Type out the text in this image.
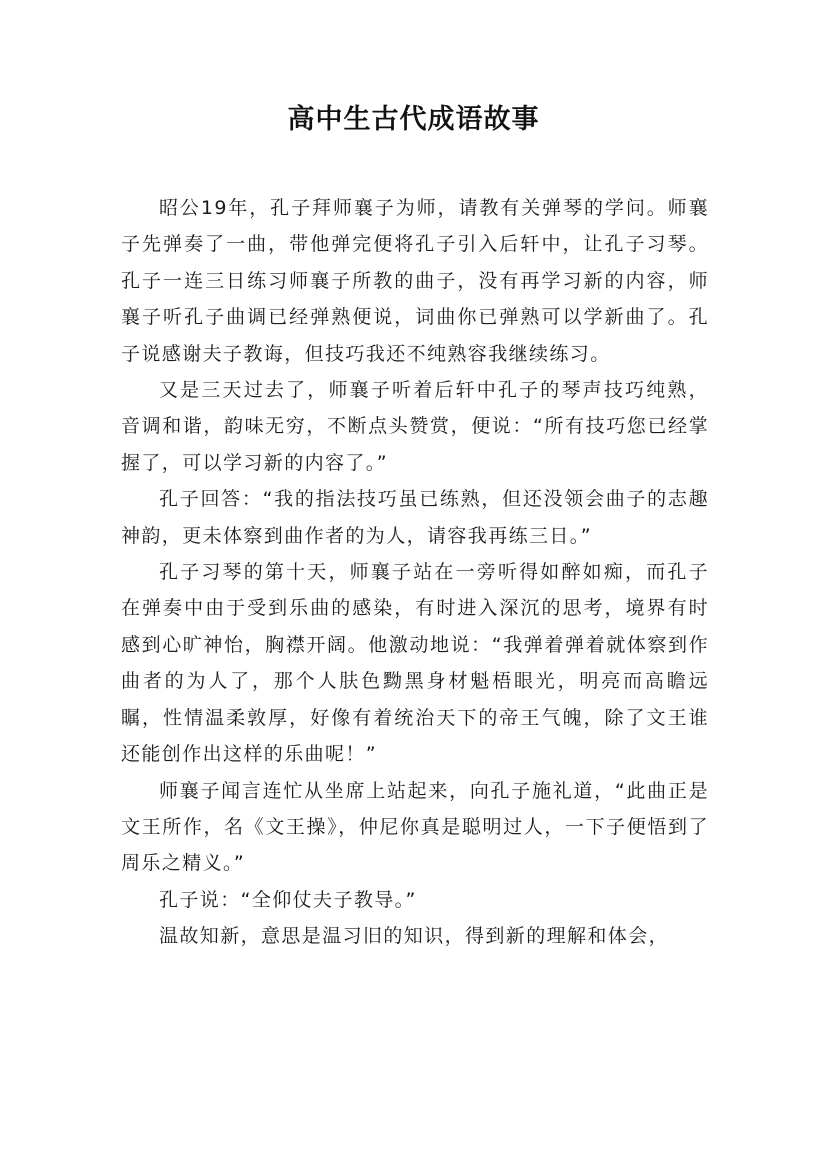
高中生古代成语故事

昭公19年，孔子拜师襄子为师，请教有关弹琴的学问。师襄子先弹奏了一曲，带他弹完便将孔子引入后轩中，让孔子习琴。孔子一连三日练习师襄子所教的曲子，没有再学习新的内容，师襄子听孔子曲调已经弹熟便说，词曲你已弹熟可以学新曲了。孔子说感谢夫子教诲，但技巧我还不纯熟容我继续练习。

又是三天过去了，师襄子听着后轩中孔子的琴声技巧纯熟，音调和谐，韵味无穷，不断点头赞赏，便说：“所有技巧您已经掌握了，可以学习新的内容了。”

孔子回答：“我的指法技巧虽已练熟，但还没领会曲子的志趣神韵，更未体察到曲作者的为人，请容我再练三日。”

孔子习琴的第十天，师襄子站在一旁听得如醉如痴，而孔子在弹奏中由于受到乐曲的感染，有时进入深沉的思考，境界有时感到心旷神怡，胸襟开阔。他激动地说：“我弹着弹着就体察到作曲者的为人了，那个人肤色黝黑身材魁梧眼光，明亮而高瞻远瞩，性情温柔敦厚，好像有着统治天下的帝王气魄，除了文王谁还能创作出这样的乐曲呢！”

师襄子闻言连忙从坐席上站起来，向孔子施礼道，“此曲正是文王所作，名《文王操》，仲尼你真是聪明过人，一下子便悟到了周乐之精义。”

孔子说：“全仰仗夫子教导。”

温故知新，意思是温习旧的知识，得到新的理解和体会，
